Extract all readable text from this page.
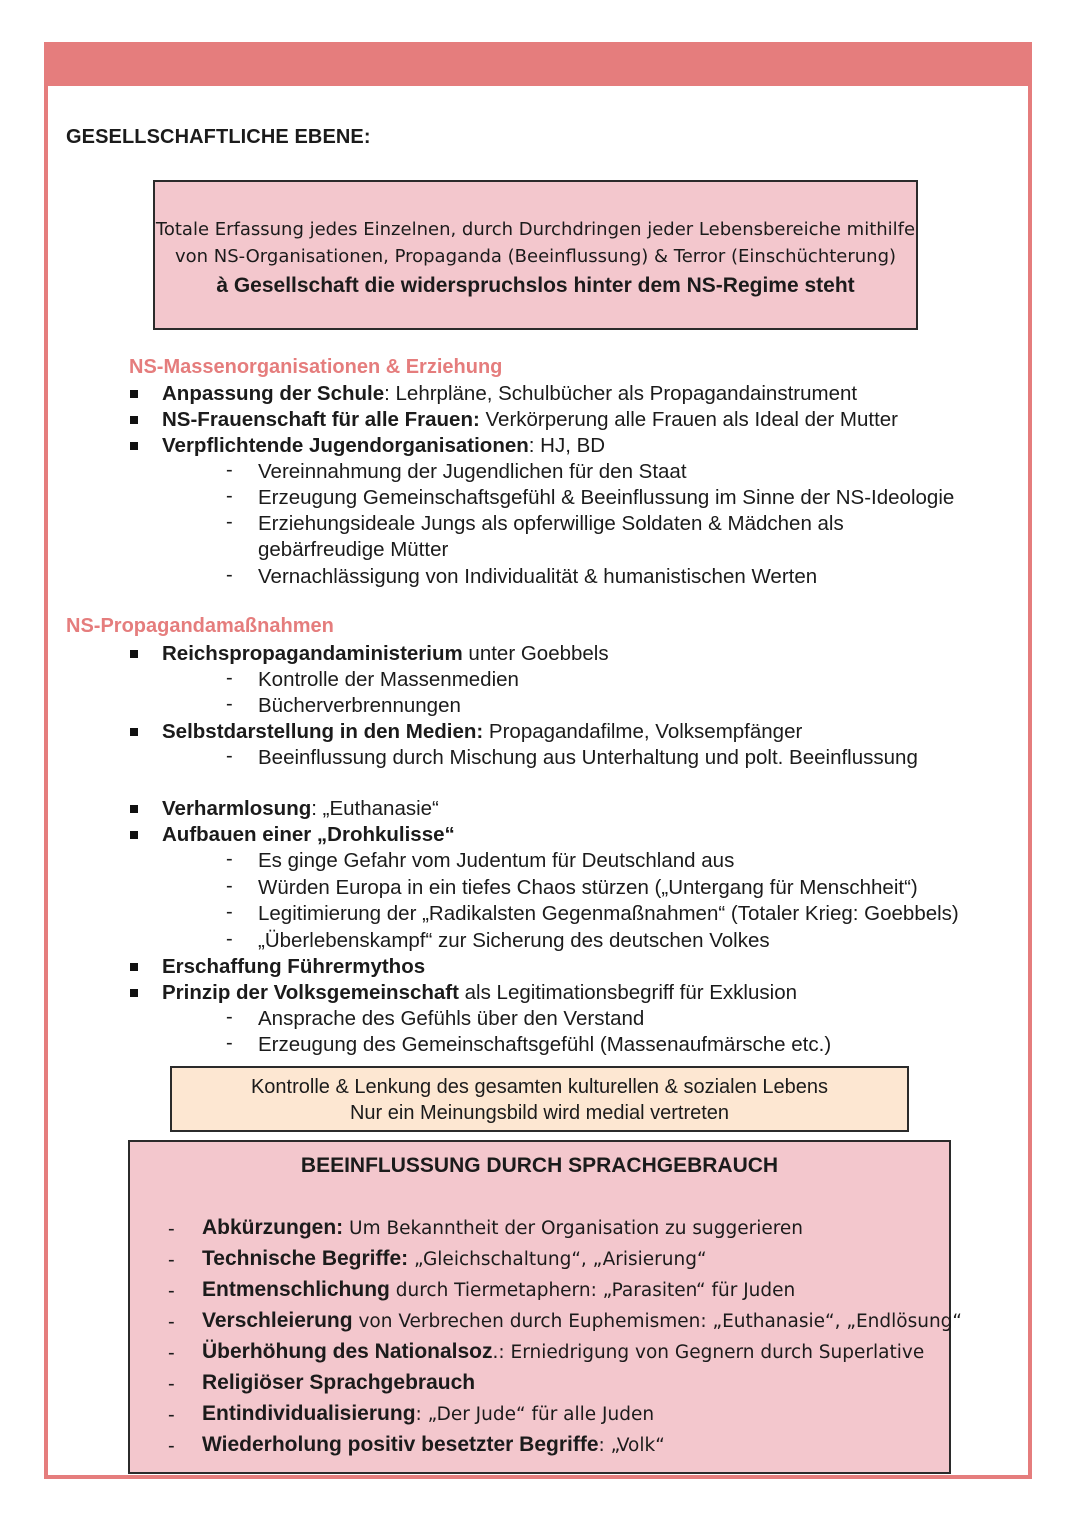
GESELLSCHAFTLICHE EBENE:
Totale Erfassung jedes Einzelnen, durch Durchdringen jeder Lebensbereiche mithilfe
von NS-Organisationen, Propaganda (Beeinflussung) & Terror (Einschüchterung)
à Gesellschaft die widerspruchslos hinter dem NS-Regime steht
NS-Massenorganisationen & Erziehung
Anpassung der Schule: Lehrpläne, Schulbücher als Propagandainstrument
NS-Frauenschaft für alle Frauen: Verkörperung alle Frauen als Ideal der Mutter
Verpflichtende Jugendorganisationen: HJ, BD
- Vereinnahmung der Jugendlichen für den Staat
- Erzeugung Gemeinschaftsgefühl & Beeinflussung im Sinne der NS-Ideologie
- Erziehungsideale Jungs als opferwillige Soldaten & Mädchen als
gebärfreudige Mütter
- Vernachlässigung von Individualität & humanistischen Werten
NS-Propagandamaßnahmen
Reichspropagandaministerium unter Goebbels
- Kontrolle der Massenmedien
- Bücherverbrennungen
Selbstdarstellung in den Medien: Propagandafilme, Volksempfänger
- Beeinflussung durch Mischung aus Unterhaltung und polt. Beeinflussung
Verharmlosung: „Euthanasie“
Aufbauen einer „Drohkulisse“
- Es ginge Gefahr vom Judentum für Deutschland aus
- Würden Europa in ein tiefes Chaos stürzen („Untergang für Menschheit“)
- Legitimierung der „Radikalsten Gegenmaßnahmen“ (Totaler Krieg: Goebbels)
- „Überlebenskampf“ zur Sicherung des deutschen Volkes
Erschaffung Führermythos
Prinzip der Volksgemeinschaft als Legitimationsbegriff für Exklusion
- Ansprache des Gefühls über den Verstand
- Erzeugung des Gemeinschaftsgefühl (Massenaufmärsche etc.)
Kontrolle & Lenkung des gesamten kulturellen & sozialen Lebens
Nur ein Meinungsbild wird medial vertreten
BEEINFLUSSUNG DURCH SPRACHGEBRAUCH
- Abkürzungen: Um Bekanntheit der Organisation zu suggerieren
- Technische Begriffe: „Gleichschaltung“, „Arisierung“
- Entmenschlichung durch Tiermetaphern: „Parasiten“ für Juden
- Verschleierung von Verbrechen durch Euphemismen: „Euthanasie“, „Endlösung“
- Überhöhung des Nationalsoz.: Erniedrigung von Gegnern durch Superlative
- Religiöser Sprachgebrauch
- Entindividualisierung: „Der Jude“ für alle Juden
- Wiederholung positiv besetzter Begriffe: „Volk“
